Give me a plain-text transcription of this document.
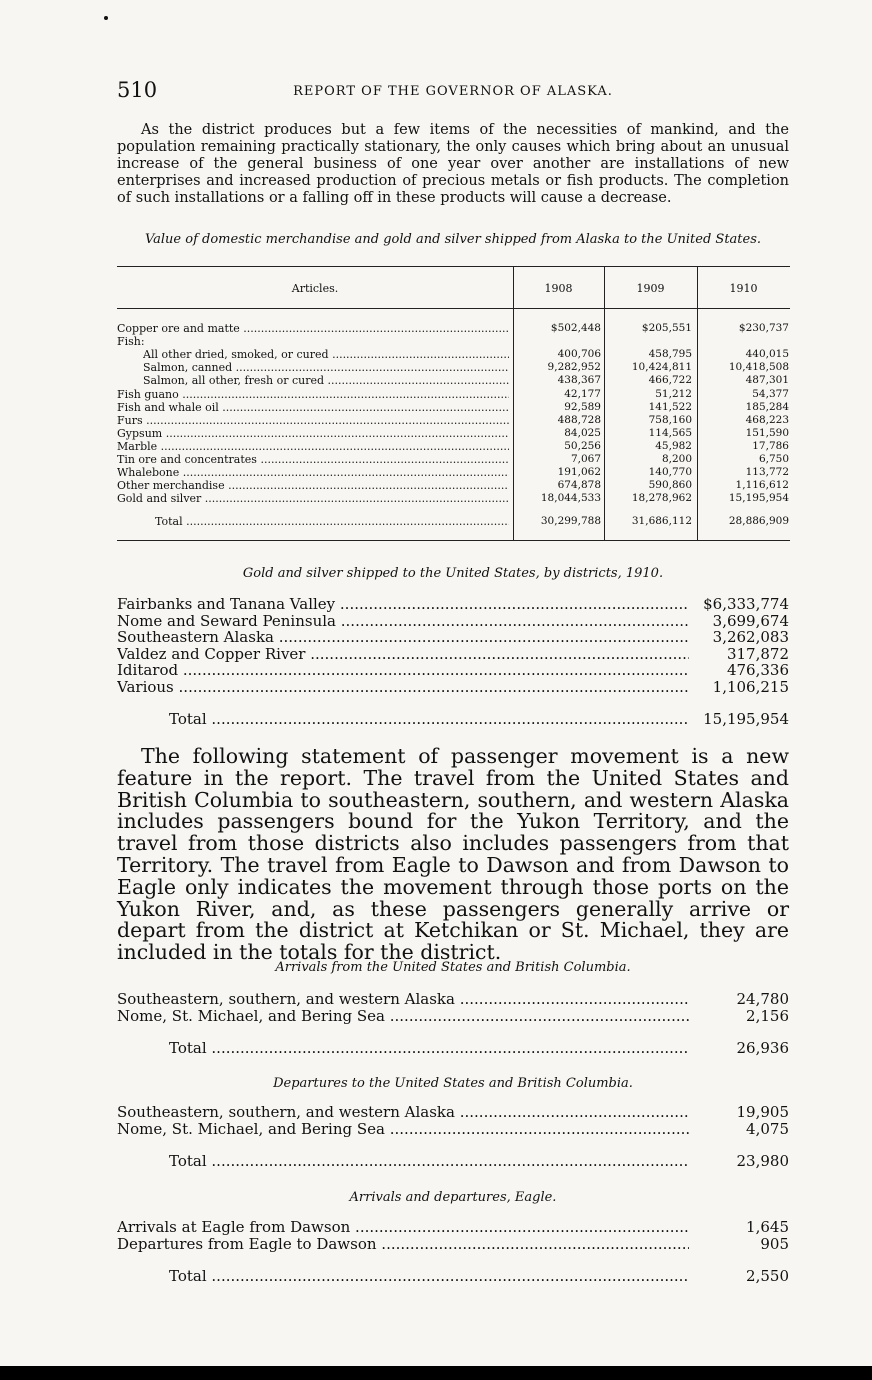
510	REPORT OF THE GOVERNOR OF ALASKA.

As the district produces but a few items of the necessities of mankind, and the population remaining practically stationary, the only causes which bring about an unusual increase of the general business of one year over another are installations of new enterprises and increased production of precious metals or fish products. The completion of such installations or a falling off in these products will cause a decrease.

Value of domestic merchandise and gold and silver shipped from Alaska to the United States.
Articles.	1908	1909	1910
Copper ore and matte .....	$502,448	$205,551	$230,737
Fish:
All other dried, smoked, or cured .....	400,706	458,795	440,015
Salmon, canned .....	9,282,952	10,424,811	10,418,508
Salmon, all other, fresh or cured .....	438,367	466,722	487,301
Fish guano .....	42,177	51,212	54,377
Fish and whale oil .....	92,589	141,522	185,284
Furs .....	488,728	758,160	468,223
Gypsum .....	84,025	114,565	151,590
Marble .....	50,256	45,982	17,786
Tin ore and concentrates .....	7,067	8,200	6,750
Whalebone .....	191,062	140,770	113,772
Other merchandise .....	674,878	590,860	1,116,612
Gold and silver .....	18,044,533	18,278,962	15,195,954
Total .....	30,299,788	31,686,112	28,886,909
Gold and silver shipped to the United States, by districts, 1910.
Fairbanks and Tanana Valley .....	$6,333,774
Nome and Seward Peninsula .....	3,699,674
Southeastern Alaska .....	3,262,083
Valdez and Copper River .....	317,872
Iditarod .....	476,336
Various .....	1,106,215
Total .....	15,195,954

The following statement of passenger movement is a new feature in the report. The travel from the United States and British Columbia to southeastern, southern, and western Alaska includes passengers bound for the Yukon Territory, and the travel from those districts also includes passengers from that Territory. The travel from Eagle to Dawson and from Dawson to Eagle only indicates the movement through those ports on the Yukon River, and, as these passengers generally arrive or depart from the district at Ketchikan or St. Michael, they are included in the totals for the district.

Arrivals from the United States and British Columbia.
Southeastern, southern, and western Alaska .....	24,780
Nome, St. Michael, and Bering Sea .....	2,156
Total .....	26,936
Departures to the United States and British Columbia.
Southeastern, southern, and western Alaska .....	19,905
Nome, St. Michael, and Bering Sea .....	4,075
Total .....	23,980
Arrivals and departures, Eagle.
Arrivals at Eagle from Dawson .....	1,645
Departures from Eagle to Dawson .....	905
Total .....	2,550
